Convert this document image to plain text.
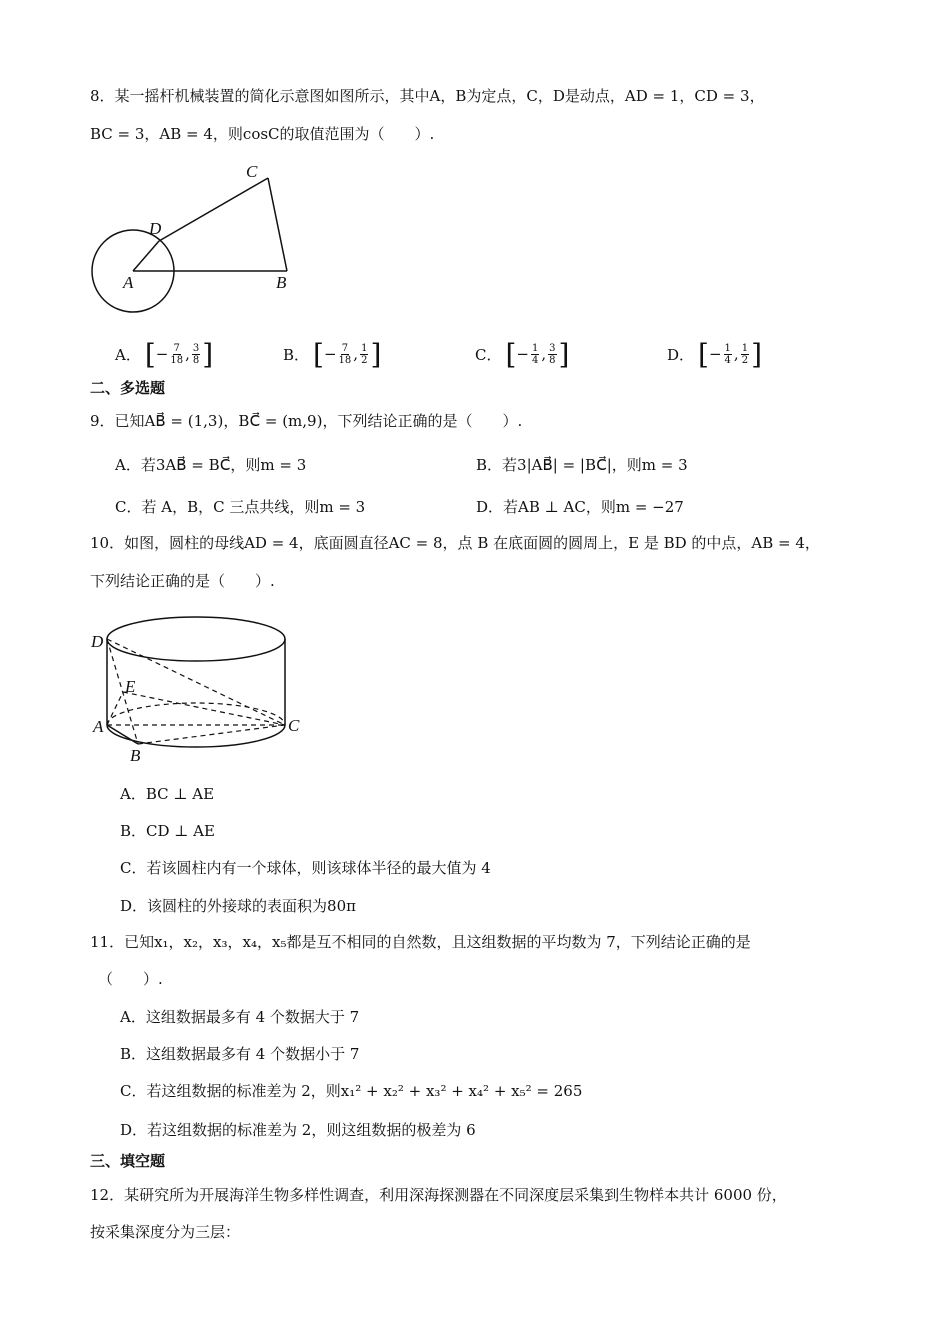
8．某一摇杆机械装置的简化示意图如图所示，其中A，B为定点，C，D是动点，AD = 1，CD = 3，
BC = 3，AB = 4，则cosC的取值范围为（　　）.
A	B
C
D
A． [ − $\frac{7}{18}$ , 3
8 ]	B． [ − $\frac{7}{18}$ , 1
2 ]	C． [ − $\frac{1}{4}$ , 3
8 ]	D． [ − $\frac{1}{4}$ , 1
2 ]
二、多选题
9．已知AB⃗ = (1,3)，BC⃗ = (m,9)，下列结论正确的是（　　）.
A．若3AB⃗ = BC⃗，则m = 3	B．若3|AB⃗| = |BC⃗|，则m = 3
C．若 A，B，C 三点共线，则m = 3	D．若AB ⊥ AC，则m = −27
10．如图，圆柱的母线AD = 4，底面圆直径AC = 8，点 B 在底面圆的圆周上，E 是 BD 的中点，AB = 4，
下列结论正确的是（　　）.
D
E
A
B
C
A．BC ⊥ AE
B．CD ⊥ AE
C．若该圆柱内有一个球体，则该球体半径的最大值为 4
D．该圆柱的外接球的表面积为80π
11．已知x₁，x₂，x₃，x₄，x₅都是互不相同的自然数，且这组数据的平均数为 7，下列结论正确的是
（　　）.
A．这组数据最多有 4 个数据大于 7
B．这组数据最多有 4 个数据小于 7
C．若这组数据的标准差为 2，则x₁² + x₂² + x₃² + x₄² + x₅² = 265
D．若这组数据的标准差为 2，则这组数据的极差为 6
三、填空题
12．某研究所为开展海洋生物多样性调查，利用深海探测器在不同深度层采集到生物样本共计 6000 份，
按采集深度分为三层：
